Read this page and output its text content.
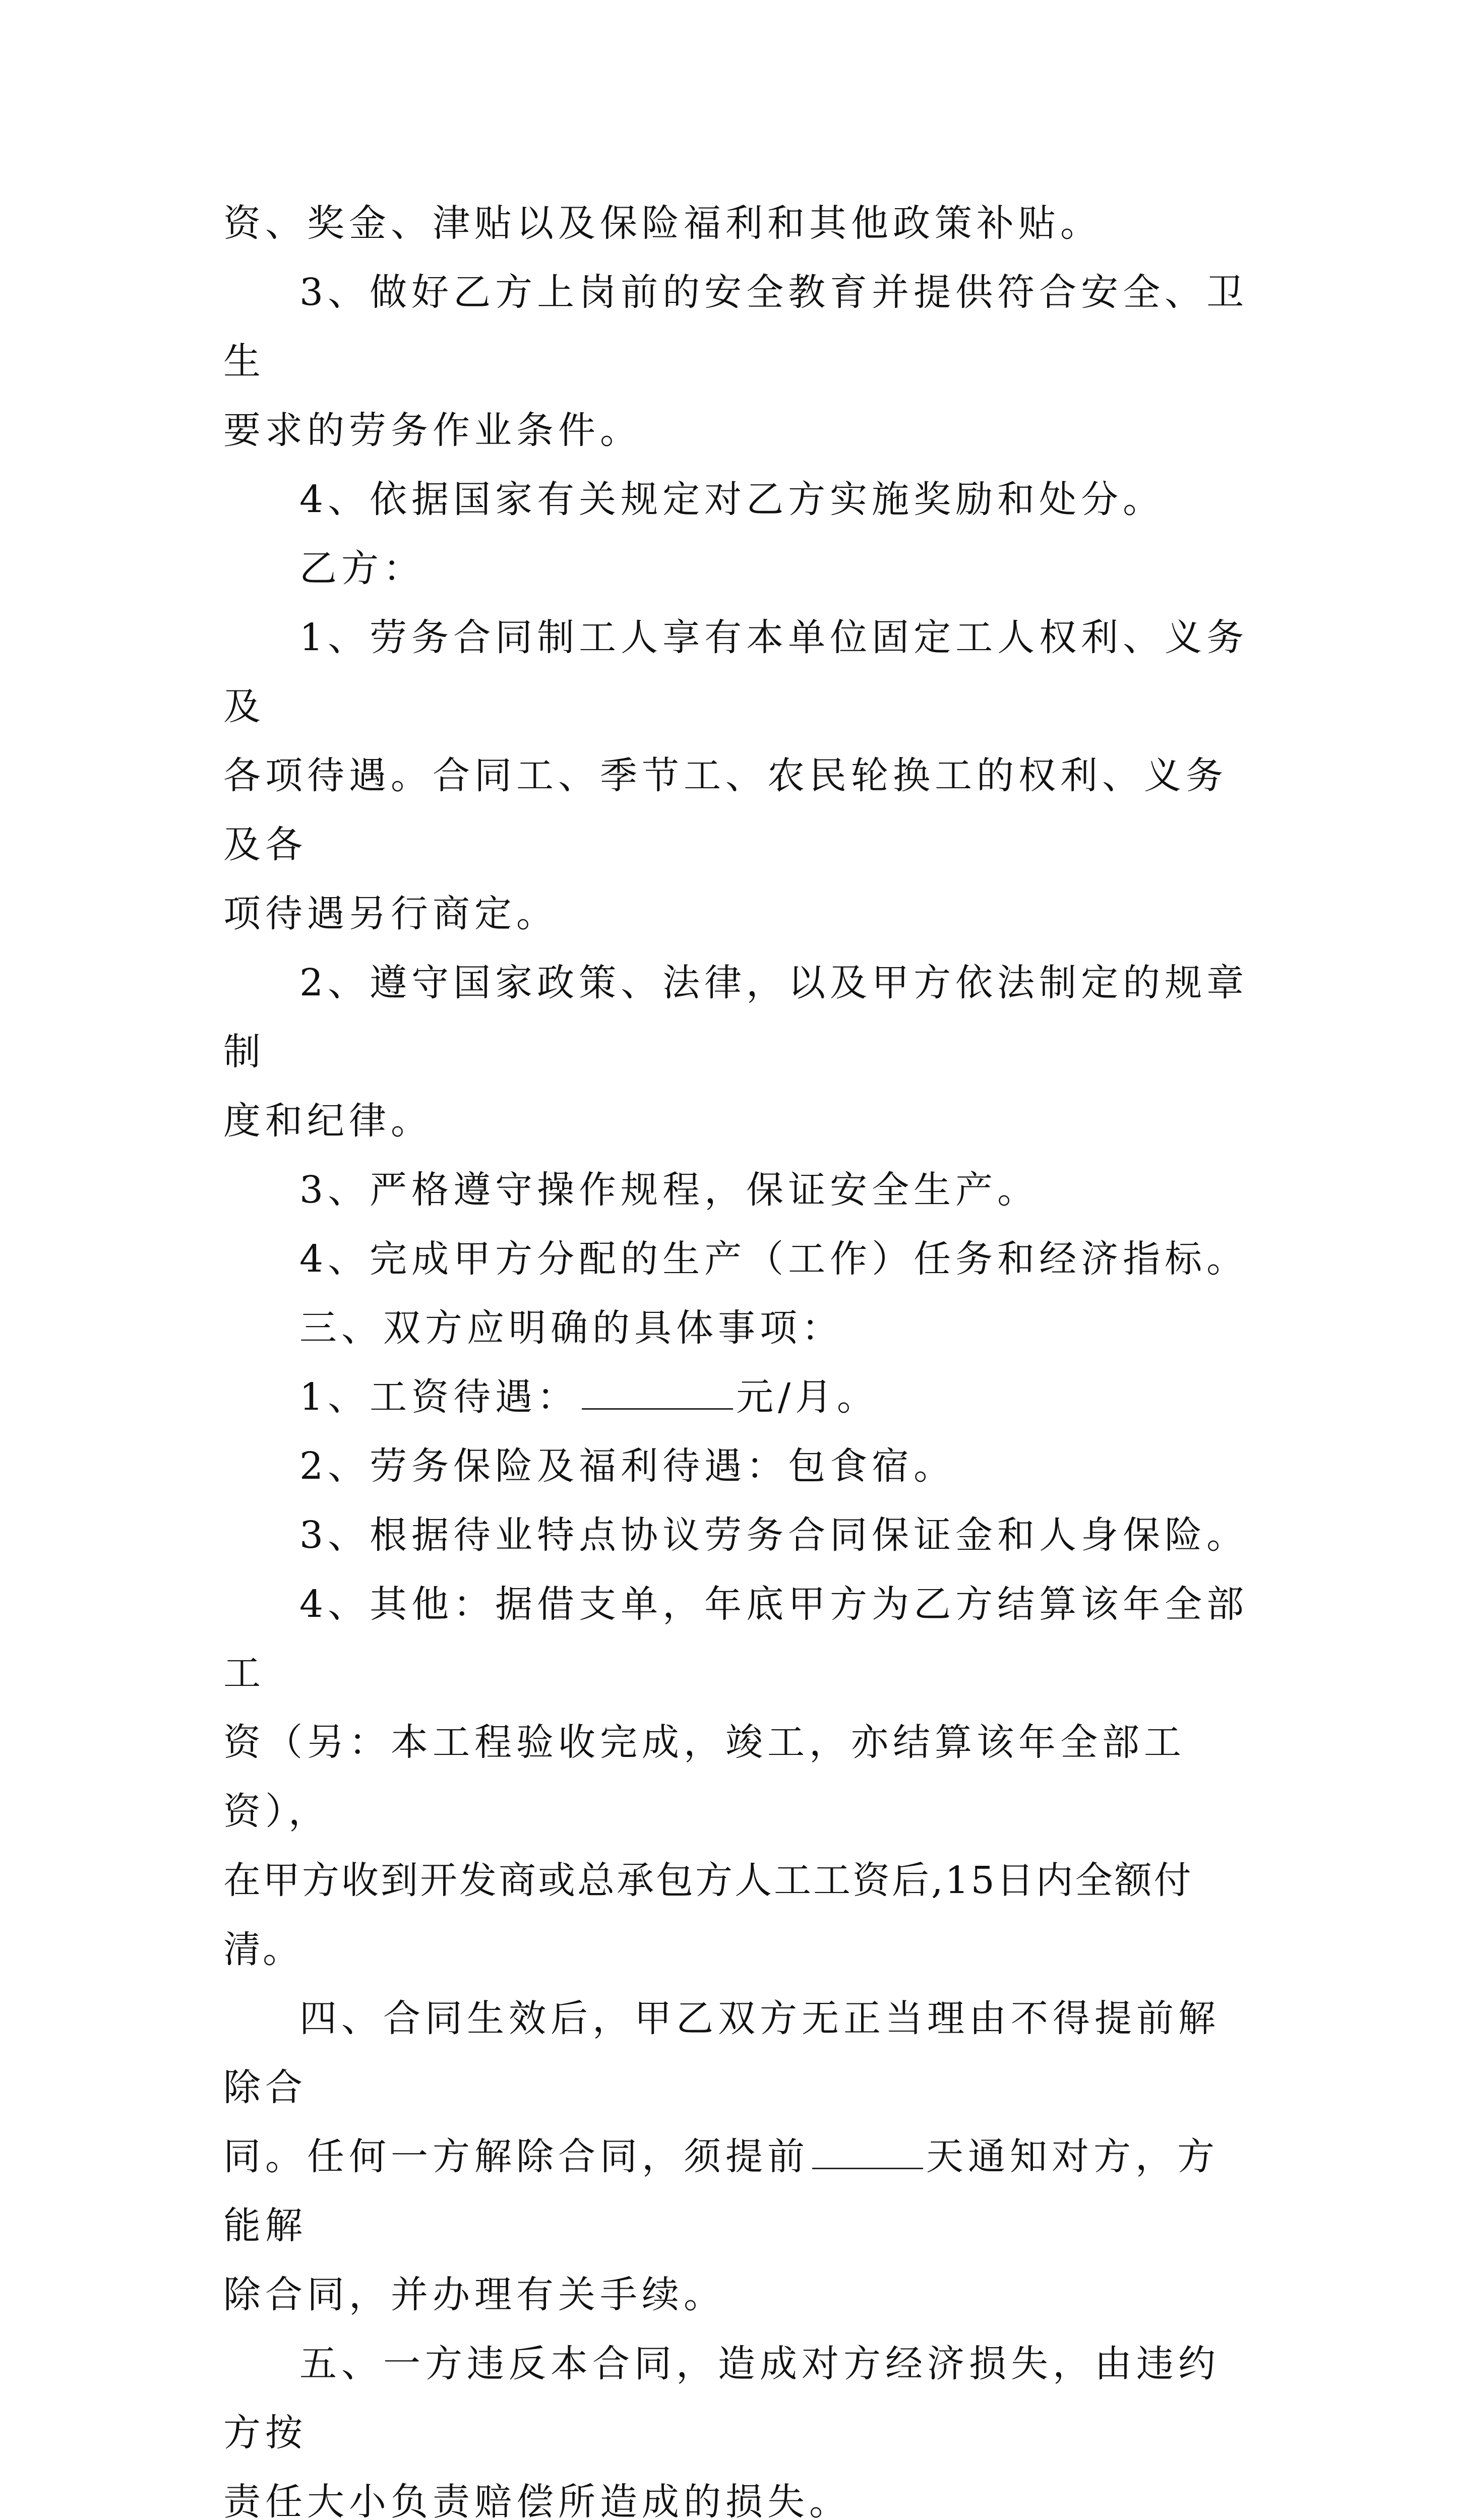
资、奖金、津贴以及保险福利和其他政策补贴。

3、做好乙方上岗前的安全教育并提供符合安全、卫生

要求的劳务作业条件。

4、依据国家有关规定对乙方实施奖励和处分。

乙方：

1、劳务合同制工人享有本单位固定工人权利、义务及

各项待遇。合同工、季节工、农民轮换工的权利、义务及各

项待遇另行商定。

2、遵守国家政策、法律，以及甲方依法制定的规章制

度和纪律。

3、严格遵守操作规程，保证安全生产。

4、完成甲方分配的生产（工作）任务和经济指标。

三、双方应明确的具体事项：

1、工资待遇：	元/月。

2、劳务保险及福利待遇：包食宿。

3、根据待业特点协议劳务合同保证金和人身保险。

4、其他：据借支单，年底甲方为乙方结算该年全部工

资（另：本工程验收完成，竣工，亦结算该年全部工资），

在甲方收到开发商或总承包方人工工资后,15日内全额付清。

四、合同生效后，甲乙双方无正当理由不得提前解除合

同。任何一方解除合同，须提前	天通知对方，方能解

除合同，并办理有关手续。

五、一方违反本合同，造成对方经济损失，由违约方按

责任大小负责赔偿所造成的损失。
